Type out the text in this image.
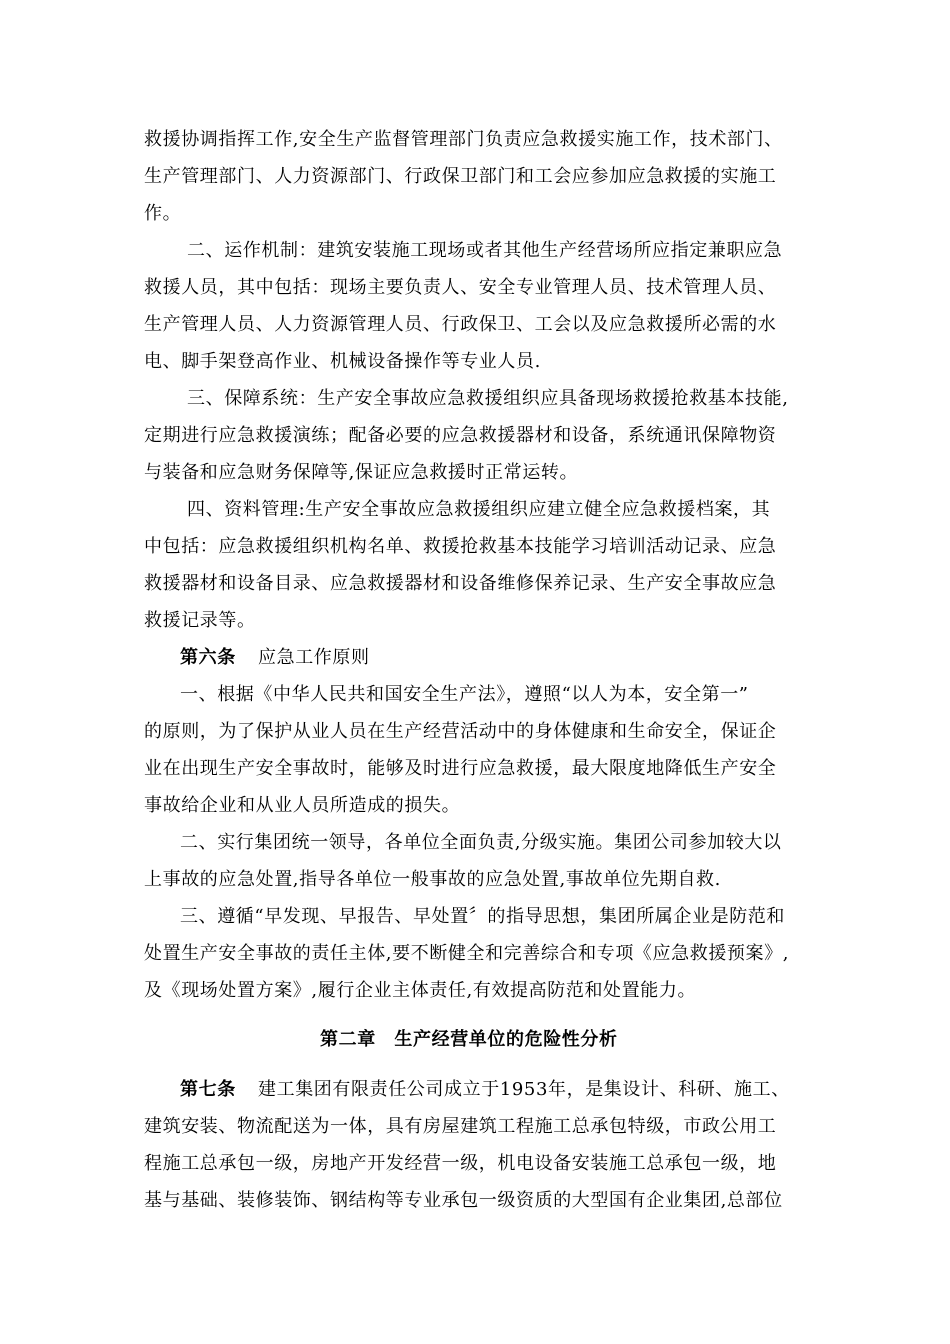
救援协调指挥工作,安全生产监督管理部门负责应急救援实施工作，技术部门、
生产管理部门、人力资源部门、行政保卫部门和工会应参加应急救援的实施工
作。
二、运作机制：建筑安装施工现场或者其他生产经营场所应指定兼职应急
救援人员，其中包括：现场主要负责人、安全专业管理人员、技术管理人员、
生产管理人员、人力资源管理人员、行政保卫、工会以及应急救援所必需的水
电、脚手架登高作业、机械设备操作等专业人员.
三、保障系统：生产安全事故应急救援组织应具备现场救援抢救基本技能,
定期进行应急救援演练；配备必要的应急救援器材和设备，系统通讯保障物资
与装备和应急财务保障等,保证应急救援时正常运转。
四、资料管理:生产安全事故应急救援组织应建立健全应急救援档案，其
中包括：应急救援组织机构名单、救援抢救基本技能学习培训活动记录、应急
救援器材和设备目录、应急救援器材和设备维修保养记录、生产安全事故应急
救援记录等。
第六条 应急工作原则
一、根据《中华人民共和国安全生产法》，遵照“以人为本，安全第一”
的原则，为了保护从业人员在生产经营活动中的身体健康和生命安全，保证企
业在出现生产安全事故时，能够及时进行应急救援，最大限度地降低生产安全
事故给企业和从业人员所造成的损失。
二、实行集团统一领导，各单位全面负责,分级实施。集团公司参加较大以
上事故的应急处置,指导各单位一般事故的应急处置,事故单位先期自救.
三、遵循“早发现、早报告、早处置〞的指导思想，集团所属企业是防范和
处置生产安全事故的责任主体,要不断健全和完善综合和专项《应急救援预案》,
及《现场处置方案》,履行企业主体责任,有效提高防范和处置能力。
第二章　生产经营单位的危险性分析
第七条 建工集团有限责任公司成立于1953年，是集设计、科研、施工、
建筑安装、物流配送为一体，具有房屋建筑工程施工总承包特级，市政公用工
程施工总承包一级，房地产开发经营一级，机电设备安装施工总承包一级，地
基与基础、装修装饰、钢结构等专业承包一级资质的大型国有企业集团,总部位
